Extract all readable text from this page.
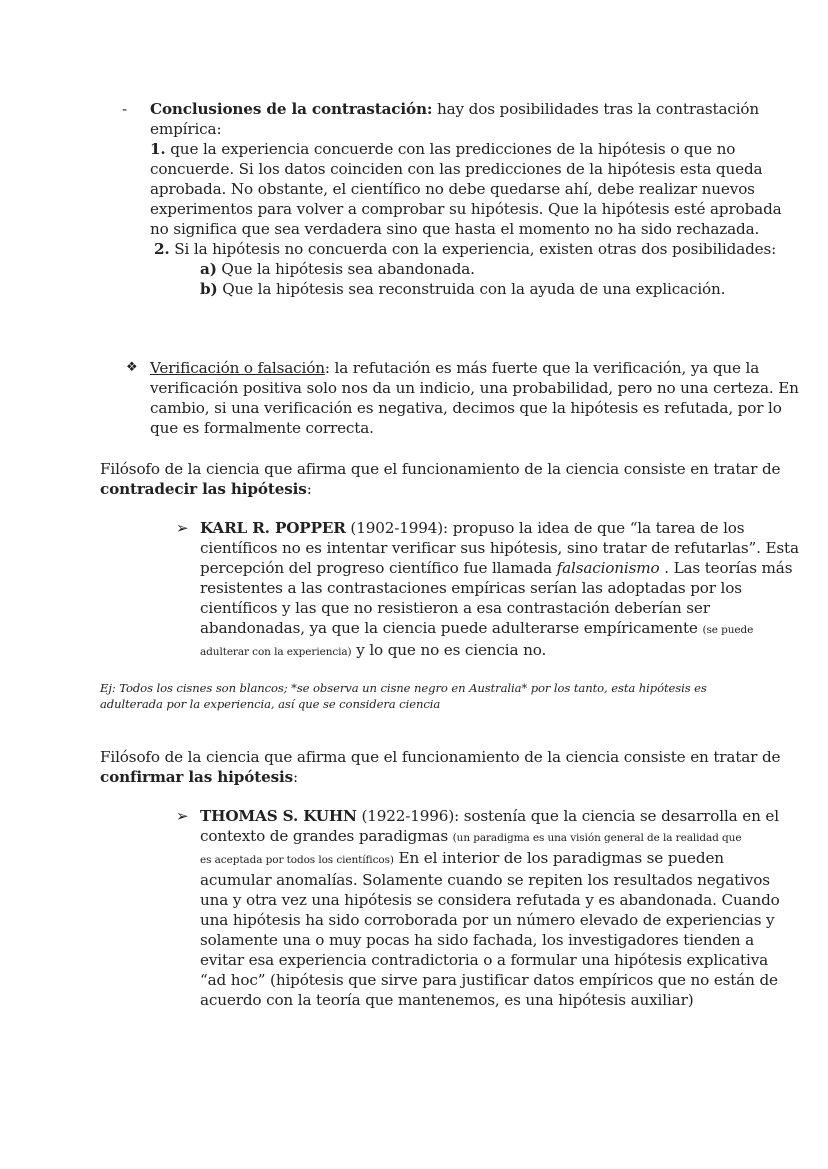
- Conclusiones de la contrastación: hay dos posibilidades tras la contrastación
empírica:
1. que la experiencia concuerde con las predicciones de la hipótesis o que no
concuerde. Si los datos coinciden con las predicciones de la hipótesis esta queda
aprobada. No obstante, el científico no debe quedarse ahí, debe realizar nuevos
experimentos para volver a comprobar su hipótesis. Que la hipótesis esté aprobada
no significa que sea verdadera sino que hasta el momento no ha sido rechazada.
2. Si la hipótesis no concuerda con la experiencia, existen otras dos posibilidades:
a) Que la hipótesis sea abandonada.
b) Que la hipótesis sea reconstruida con la ayuda de una explicación.
❖ Verificación o falsación: la refutación es más fuerte que la verificación, ya que la
verificación positiva solo nos da un indicio, una probabilidad, pero no una certeza. En
cambio, si una verificación es negativa, decimos que la hipótesis es refutada, por lo
que es formalmente correcta.
Filósofo de la ciencia que afirma que el funcionamiento de la ciencia consiste en tratar de
contradecir las hipótesis:
➢ KARL R. POPPER (1902-1994): propuso la idea de que “la tarea de los
científicos no es intentar verificar sus hipótesis, sino tratar de refutarlas”. Esta
percepción del progreso científico fue llamada falsacionismo . Las teorías más
resistentes a las contrastaciones empíricas serían las adoptadas por los
científicos y las que no resistieron a esa contrastación deberían ser
abandonadas, ya que la ciencia puede adulterarse empíricamente (se puede
adulterar con la experiencia) y lo que no es ciencia no.
Ej: Todos los cisnes son blancos; *se observa un cisne negro en Australia* por los tanto, esta hipótesis es
adulterada por la experiencia, así que se considera ciencia
Filósofo de la ciencia que afirma que el funcionamiento de la ciencia consiste en tratar de
confirmar las hipótesis:
➢ THOMAS S. KUHN (1922-1996): sostenía que la ciencia se desarrolla en el
contexto de grandes paradigmas (un paradigma es una visión general de la realidad que
es aceptada por todos los científicos) En el interior de los paradigmas se pueden
acumular anomalías. Solamente cuando se repiten los resultados negativos
una y otra vez una hipótesis se considera refutada y es abandonada. Cuando
una hipótesis ha sido corroborada por un número elevado de experiencias y
solamente una o muy pocas ha sido fachada, los investigadores tienden a
evitar esa experiencia contradictoria o a formular una hipótesis explicativa
“ad hoc” (hipótesis que sirve para justificar datos empíricos que no están de
acuerdo con la teoría que mantenemos, es una hipótesis auxiliar)
